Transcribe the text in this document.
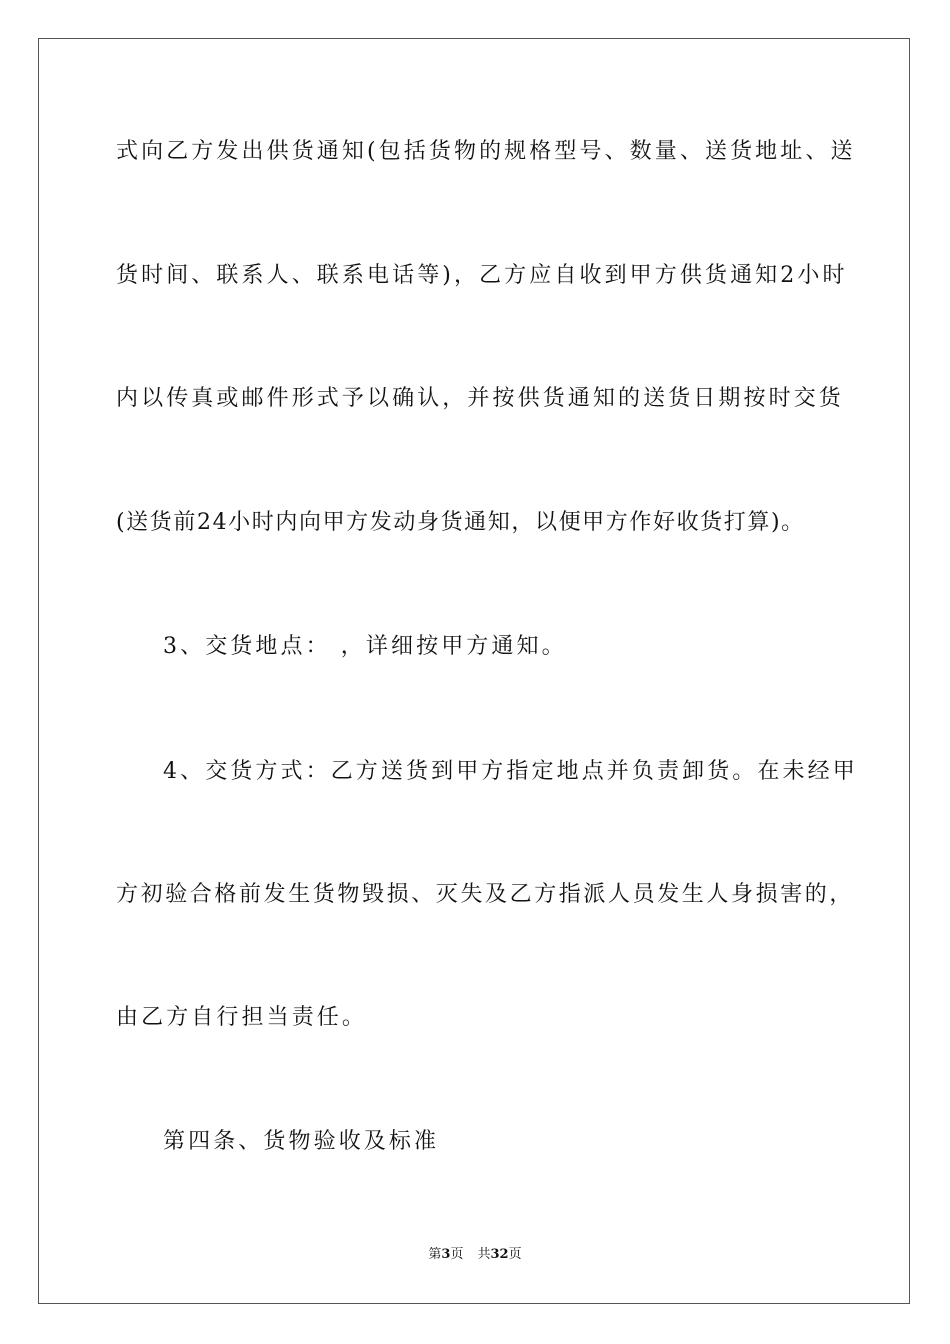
式向乙方发出供货通知(包括货物的规格型号、数量、送货地址、送
货时间、联系人、联系电话等)，乙方应自收到甲方供货通知2小时
内以传真或邮件形式予以确认，并按供货通知的送货日期按时交货
(送货前24小时内向甲方发动身货通知，以便甲方作好收货打算)。
3、交货地点： ，详细按甲方通知。
4、交货方式：乙方送货到甲方指定地点并负责卸货。在未经甲
方初验合格前发生货物毁损、灭失及乙方指派人员发生人身损害的，
由乙方自行担当责任。
第四条、货物验收及标准
第3页 共32页
